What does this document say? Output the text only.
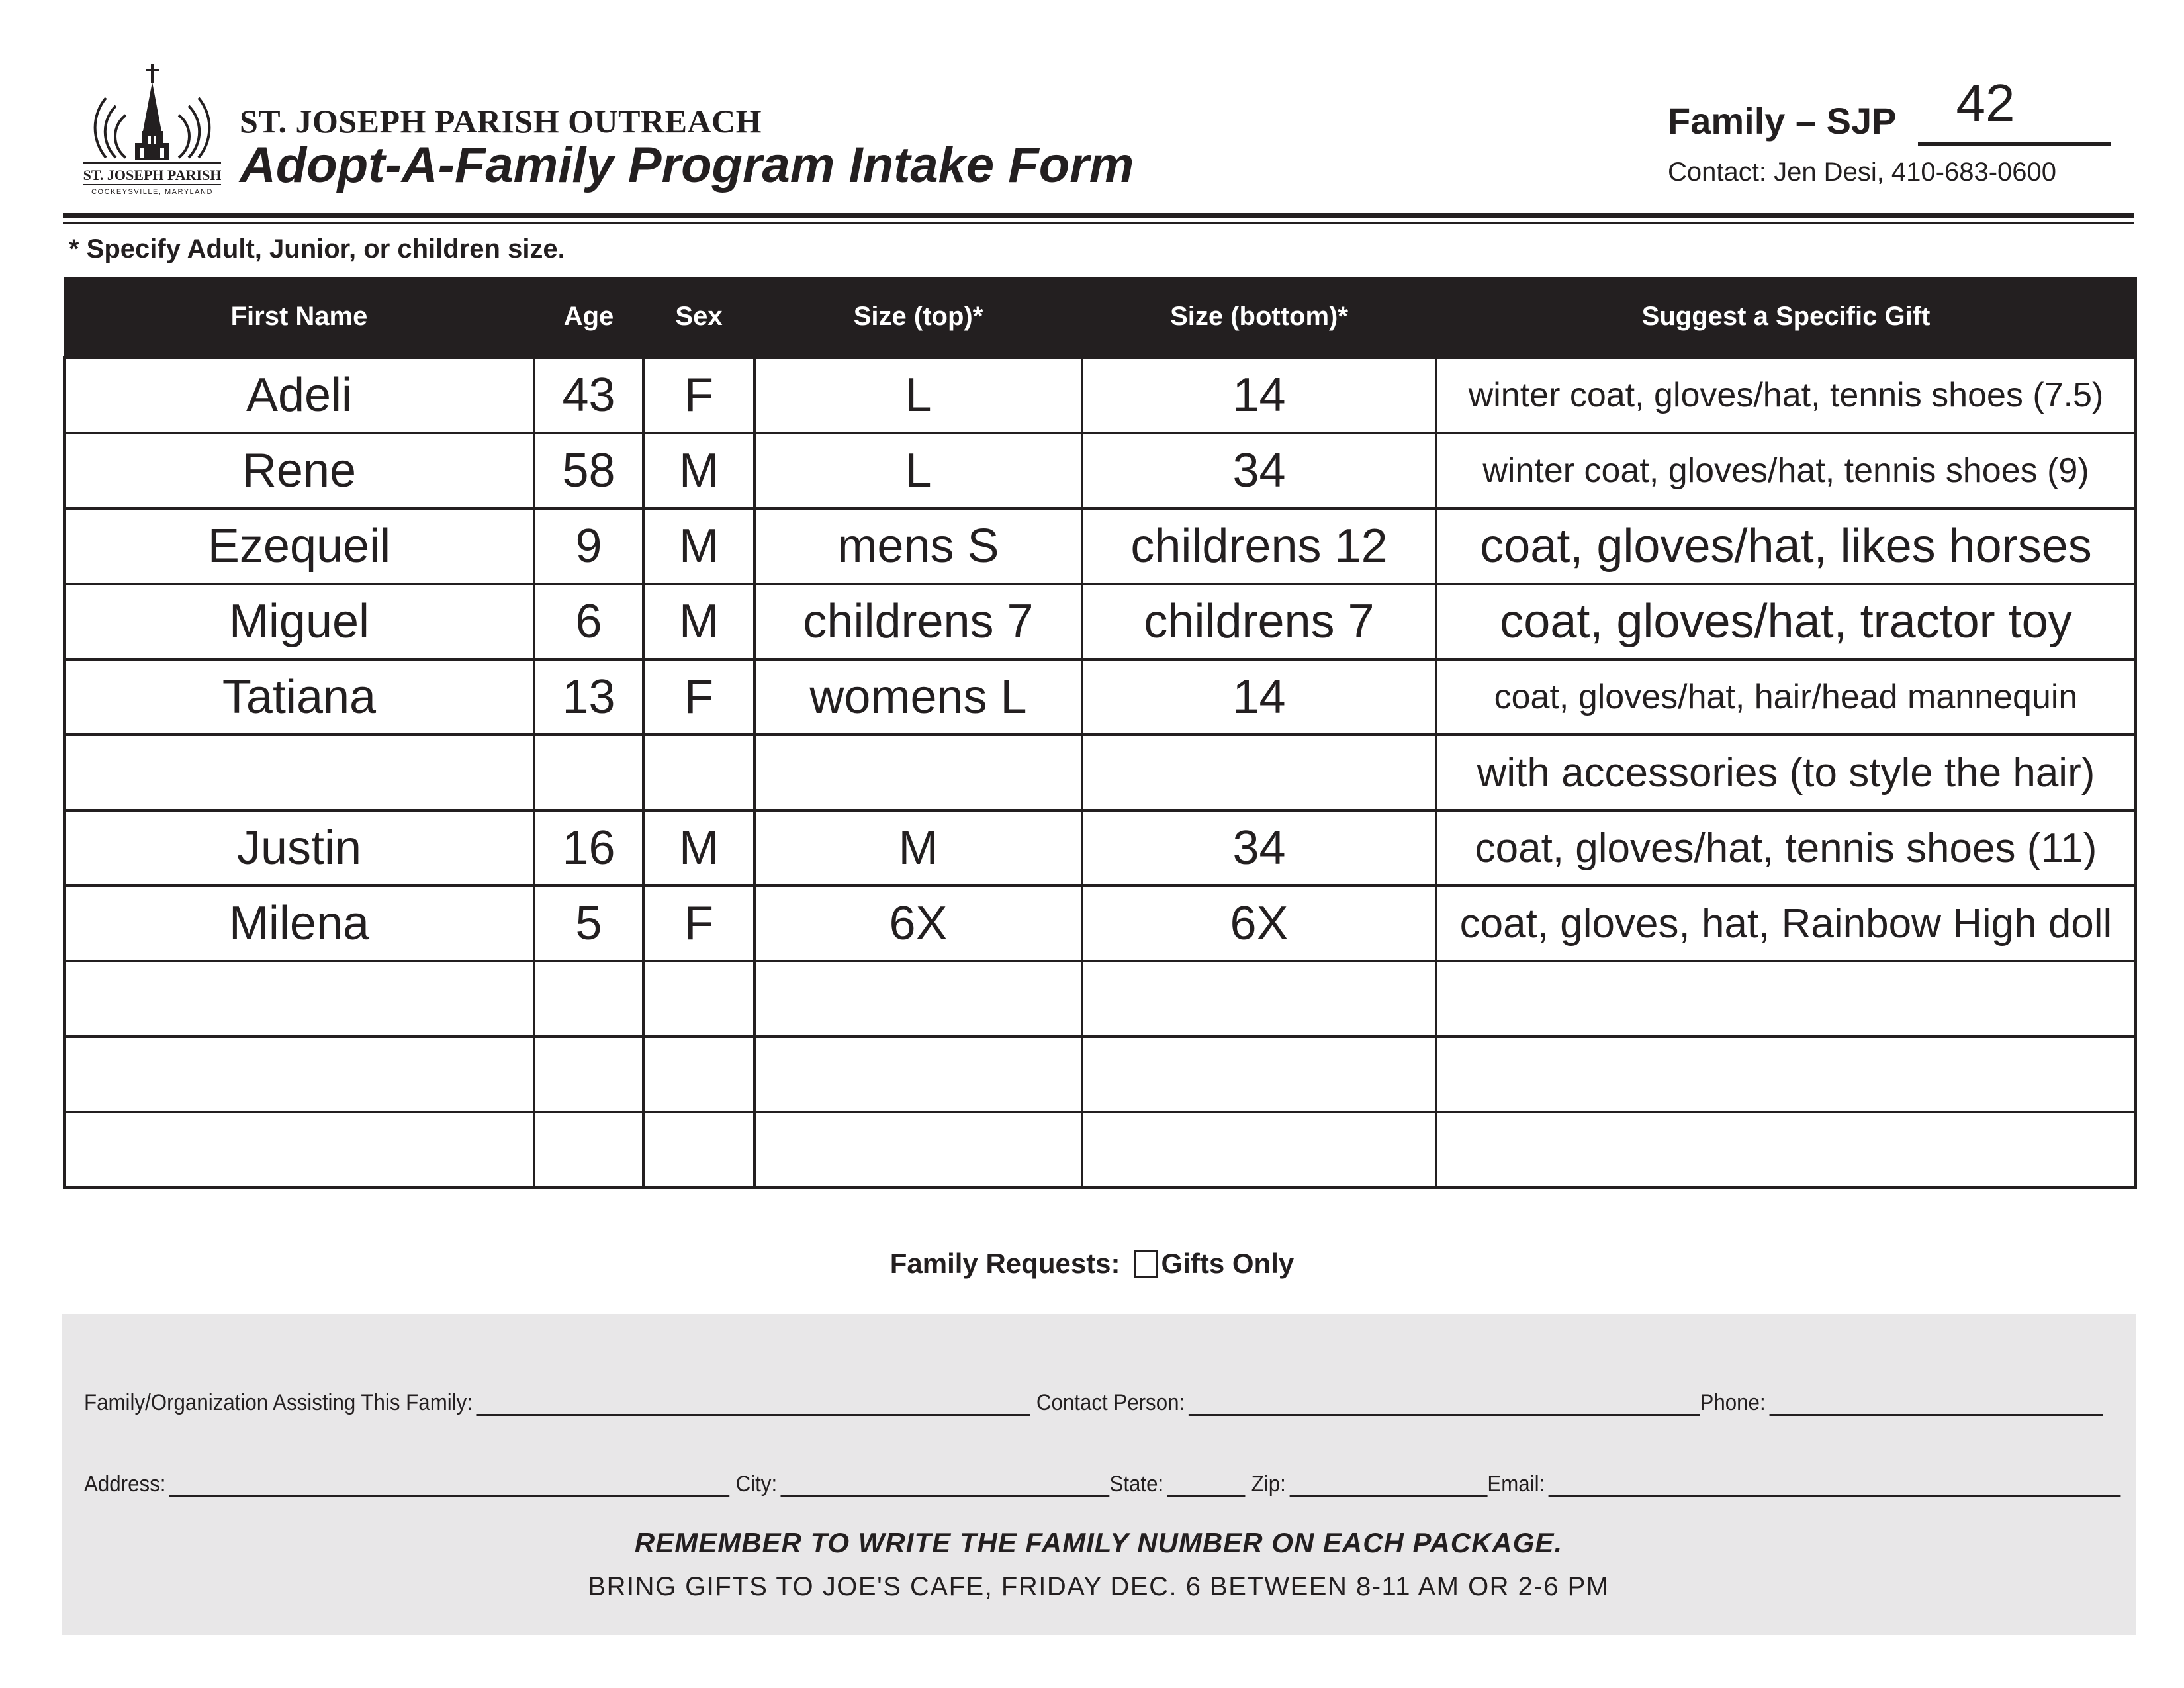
ST. JOSEPH PARISH
COCKEYSVILLE, MARYLAND
ST. JOSEPH PARISH OUTREACH
Adopt-A-Family Program Intake Form
Family – SJP	42
Contact: Jen Desi, 410-683-0600
* Specify Adult, Junior, or children size.
First Name	Age	Sex	Size (top)*	Size (bottom)*	Suggest a Specific Gift
Adeli	43	F	L	14	winter coat, gloves/hat, tennis shoes (7.5)
Rene	58	M	L	34	winter coat, gloves/hat, tennis shoes (9)
Ezequeil	9	M	mens S	childrens 12	coat, gloves/hat, likes horses
Miguel	6	M	childrens 7	childrens 7	coat, gloves/hat, tractor toy
Tatiana	13	F	womens L	14	coat, gloves/hat, hair/head mannequin
					with accessories (to style the hair)
Justin	16	M	M	34	coat, gloves/hat, tennis shoes (11)
Milena	5	F	6X	6X	coat, gloves, hat, Rainbow High doll

Family Requests: Gifts Only
Family/Organization Assisting This Family:	Contact Person:	Phone:
Address:	City:	State:	Zip:	Email:
REMEMBER TO WRITE THE FAMILY NUMBER ON EACH PACKAGE.
BRING GIFTS TO JOE'S CAFE, FRIDAY DEC. 6 BETWEEN 8-11 AM OR 2-6 PM
